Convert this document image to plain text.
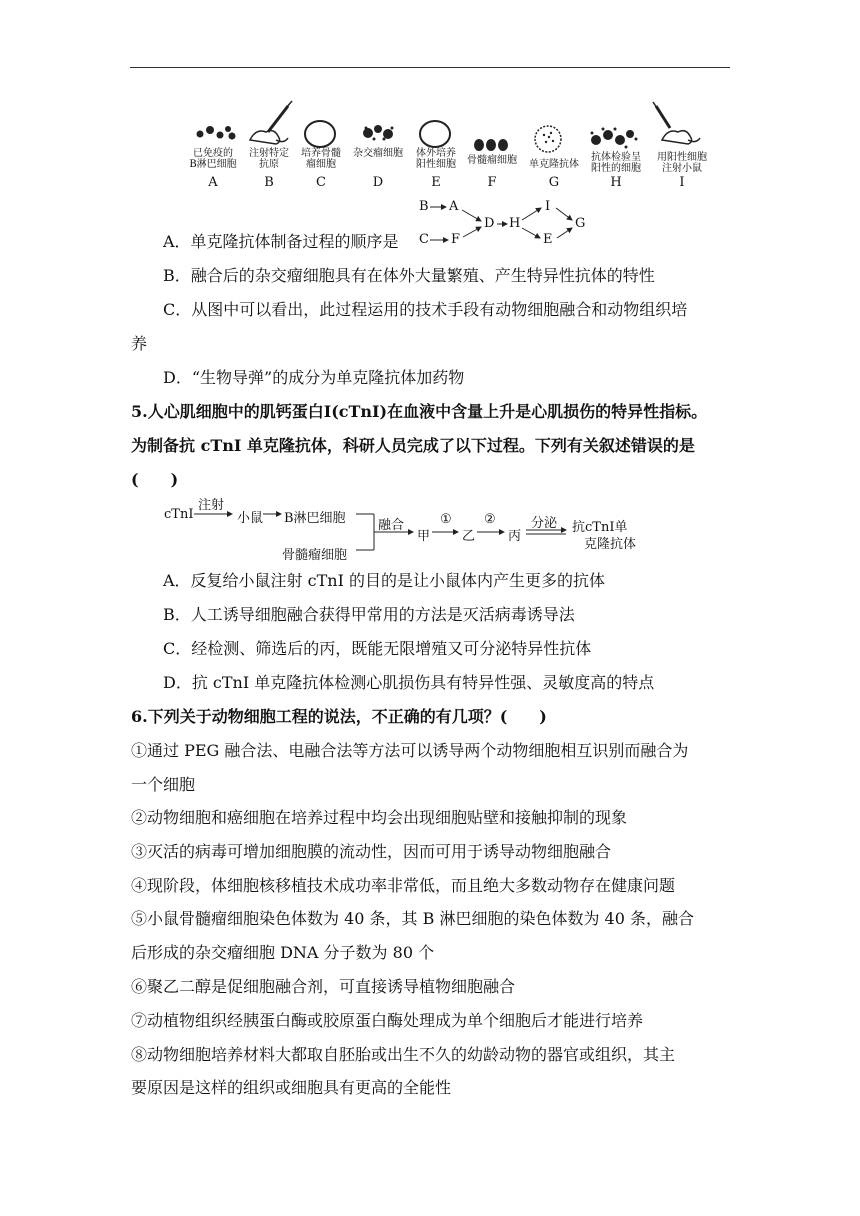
已免疫的
B淋巴细胞
A
注射特定
抗原
B
培养骨髓
瘤细胞
C
杂交瘤细胞
D
体外培养
阳性细胞
E
骨髓瘤细胞
F
单克隆抗体
G
抗体检验呈
阳性的细胞
H
用阳性细胞
注射小鼠
I
A．单克隆抗体制备过程的顺序是
B A
C F
D H
I
E
G
B．融合后的杂交瘤细胞具有在体外大量繁殖、产生特异性抗体的特性
C．从图中可以看出，此过程运用的技术手段有动物细胞融合和动物组织培
养
D．“生物导弹”的成分为单克隆抗体加药物
5.人心肌细胞中的肌钙蛋白I(cTnI)在血液中含量上升是心肌损伤的特异性指标。
为制备抗 cTnI 单克隆抗体，科研人员完成了以下过程。下列有关叙述错误的是
(　　)
cTnI
注射
小鼠 B淋巴细胞
骨髓瘤细胞
融合
甲
①
乙
②
丙
分泌 抗cTnI单
克隆抗体
A．反复给小鼠注射 cTnI 的目的是让小鼠体内产生更多的抗体
B．人工诱导细胞融合获得甲常用的方法是灭活病毒诱导法
C．经检测、筛选后的丙，既能无限增殖又可分泌特异性抗体
D．抗 cTnI 单克隆抗体检测心肌损伤具有特异性强、灵敏度高的特点
6.下列关于动物细胞工程的说法，不正确的有几项？(　　)
①通过 PEG 融合法、电融合法等方法可以诱导两个动物细胞相互识别而融合为
一个细胞
②动物细胞和癌细胞在培养过程中均会出现细胞贴壁和接触抑制的现象
③灭活的病毒可增加细胞膜的流动性，因而可用于诱导动物细胞融合
④现阶段，体细胞核移植技术成功率非常低，而且绝大多数动物存在健康问题
⑤小鼠骨髓瘤细胞染色体数为 40 条，其 B 淋巴细胞的染色体数为 40 条，融合
后形成的杂交瘤细胞 DNA 分子数为 80 个
⑥聚乙二醇是促细胞融合剂，可直接诱导植物细胞融合
⑦动植物组织经胰蛋白酶或胶原蛋白酶处理成为单个细胞后才能进行培养
⑧动物细胞培养材料大都取自胚胎或出生不久的幼龄动物的器官或组织，其主
要原因是这样的组织或细胞具有更高的全能性
